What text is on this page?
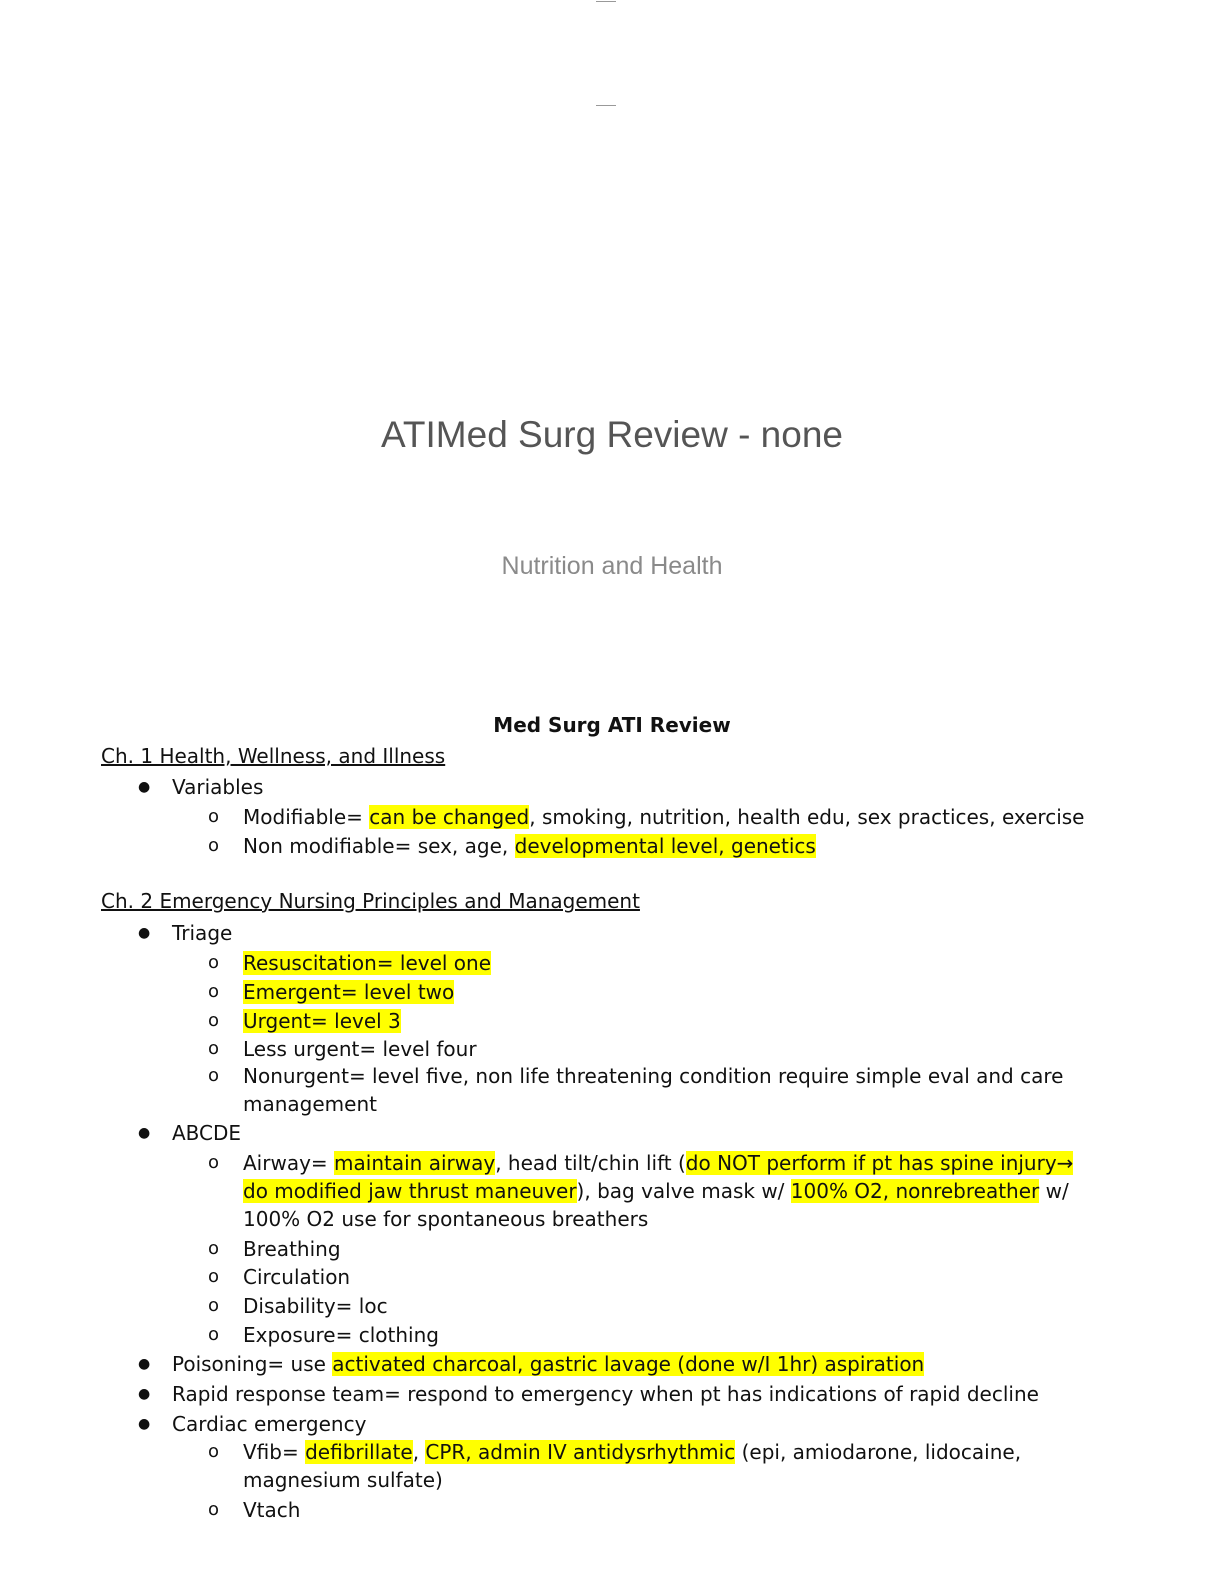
ATIMed Surg Review - none
Nutrition and Health
Med Surg ATI Review
Ch. 1 Health, Wellness, and Illness
● Variables
o Modifiable= can be changed, smoking, nutrition, health edu, sex practices, exercise
o Non modifiable= sex, age, developmental level, genetics
Ch. 2 Emergency Nursing Principles and Management
● Triage
o Resuscitation= level one
o Emergent= level two
o Urgent= level 3
o Less urgent= level four
o Nonurgent= level five, non life threatening condition require simple eval and care
management
● ABCDE
o Airway= maintain airway, head tilt/chin lift (do NOT perform if pt has spine injury→
do modified jaw thrust maneuver), bag valve mask w/ 100% O2, nonrebreather w/
100% O2 use for spontaneous breathers
o Breathing
o Circulation
o Disability= loc
o Exposure= clothing
● Poisoning= use activated charcoal, gastric lavage (done w/I 1hr) aspiration
● Rapid response team= respond to emergency when pt has indications of rapid decline
● Cardiac emergency
o Vfib= defibrillate, CPR, admin IV antidysrhythmic (epi, amiodarone, lidocaine,
magnesium sulfate)
o Vtach
